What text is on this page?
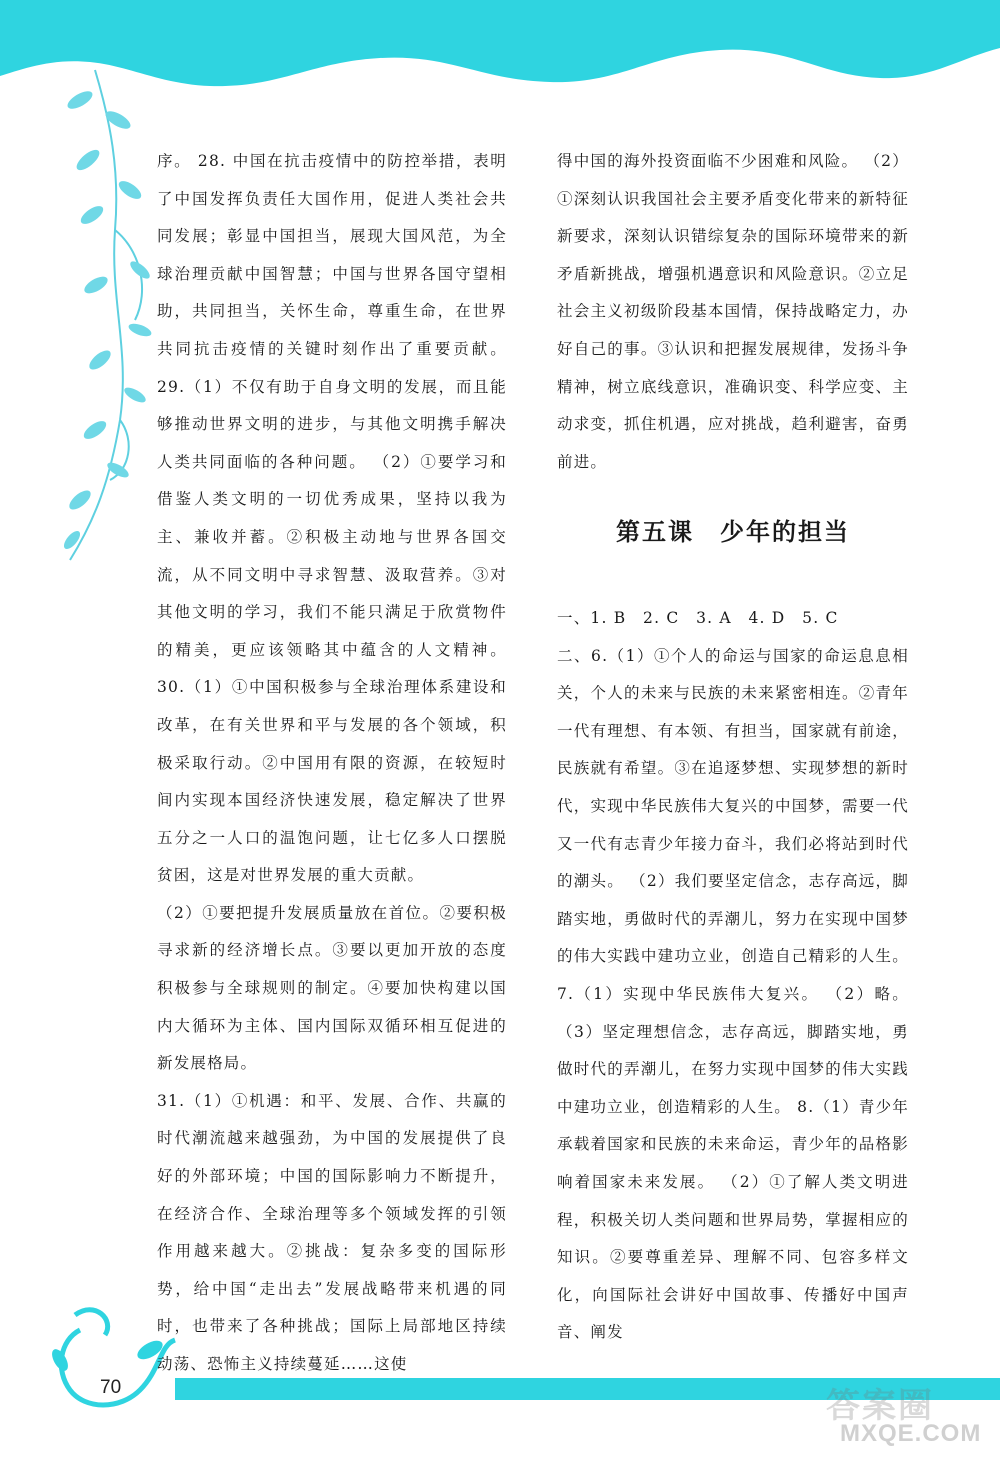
序。 28. 中国在抗击疫情中的防控举措，表明了中国发挥负责任大国作用，促进人类社会共同发展；彰显中国担当，展现大国风范，为全球治理贡献中国智慧；中国与世界各国守望相助，共同担当，关怀生命，尊重生命，在世界共同抗击疫情的关键时刻作出了重要贡献。 29.（1）不仅有助于自身文明的发展，而且能够推动世界文明的进步，与其他文明携手解决人类共同面临的各种问题。 （2）①要学习和借鉴人类文明的一切优秀成果，坚持以我为主、兼收并蓄。②积极主动地与世界各国交流，从不同文明中寻求智慧、汲取营养。③对其他文明的学习，我们不能只满足于欣赏物件的精美，更应该领略其中蕴含的人文精神。 30.（1）①中国积极参与全球治理体系建设和改革，在有关世界和平与发展的各个领域，积极采取行动。②中国用有限的资源，在较短时间内实现本国经济快速发展，稳定解决了世界五分之一人口的温饱问题，让七亿多人口摆脱贫困，这是对世界发展的重大贡献。

（2）①要把提升发展质量放在首位。②要积极寻求新的经济增长点。③要以更加开放的态度积极参与全球规则的制定。④要加快构建以国内大循环为主体、国内国际双循环相互促进的新发展格局。

31.（1）①机遇：和平、发展、合作、共赢的时代潮流越来越强劲，为中国的发展提供了良好的外部环境；中国的国际影响力不断提升，在经济合作、全球治理等多个领域发挥的引领作用越来越大。②挑战：复杂多变的国际形势，给中国“走出去”发展战略带来机遇的同时，也带来了各种挑战；国际上局部地区持续动荡、恐怖主义持续蔓延……这使

得中国的海外投资面临不少困难和风险。 （2）①深刻认识我国社会主要矛盾变化带来的新特征新要求，深刻认识错综复杂的国际环境带来的新矛盾新挑战，增强机遇意识和风险意识。②立足社会主义初级阶段基本国情，保持战略定力，办好自己的事。③认识和把握发展规律，发扬斗争精神，树立底线意识，准确识变、科学应变、主动求变，抓住机遇，应对挑战，趋利避害，奋勇前进。

第五课　少年的担当

一、1. B　2. C　3. A　4. D　5. C

二、6.（1）①个人的命运与国家的命运息息相关，个人的未来与民族的未来紧密相连。②青年一代有理想、有本领、有担当，国家就有前途，民族就有希望。③在追逐梦想、实现梦想的新时代，实现中华民族伟大复兴的中国梦，需要一代又一代有志青少年接力奋斗，我们必将站到时代的潮头。 （2）我们要坚定信念，志存高远，脚踏实地，勇做时代的弄潮儿，努力在实现中国梦的伟大实践中建功立业，创造自己精彩的人生。 7.（1）实现中华民族伟大复兴。 （2）略。 （3）坚定理想信念，志存高远，脚踏实地，勇做时代的弄潮儿，在努力实现中国梦的伟大实践中建功立业，创造精彩的人生。 8.（1）青少年承载着国家和民族的未来命运，青少年的品格影响着国家未来发展。 （2）①了解人类文明进程，积极关切人类问题和世界局势，掌握相应的知识。②要尊重差异、理解不同、包容多样文化，向国际社会讲好中国故事、传播好中国声音、阐发

70	答案圈
MXQE.COM
